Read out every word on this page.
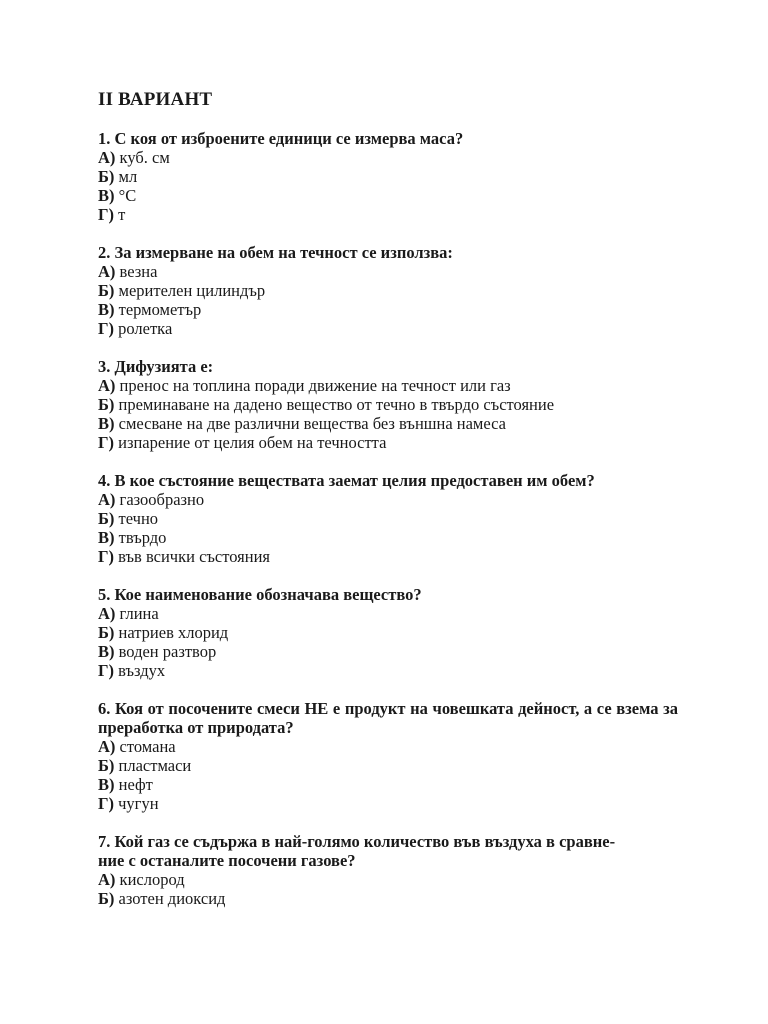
II ВАРИАНТ
1. С коя от изброените единици се измерва маса?
А) куб. см
Б) мл
В) °С
Г) т
2. За измерване на обем на течност се използва:
А) везна
Б) мерителен цилиндър
В) термометър
Г) ролетка
3. Дифузията е:
А) пренос на топлина поради движение на течност или газ
Б) преминаване на дадено вещество от течно в твърдо състояние
В) смесване на две различни вещества без външна намеса
Г) изпарение от целия обем на течността
4. В кое състояние веществата заемат целия предоставен им обем?
А) газообразно
Б) течно
В) твърдо
Г) във всички състояния
5. Кое наименование обозначава вещество?
А) глина
Б) натриев хлорид
В) воден разтвор
Г) въздух
6. Коя от посочените смеси НЕ е продукт на човешката дейност, а се взема за преработка от природата?
А) стомана
Б) пластмаси
В) нефт
Г) чугун
7. Кой газ се съдържа в най-голямо количество във въздуха в сравне-
ние с останалите посочени газове?
А) кислород
Б) азотен диоксид
